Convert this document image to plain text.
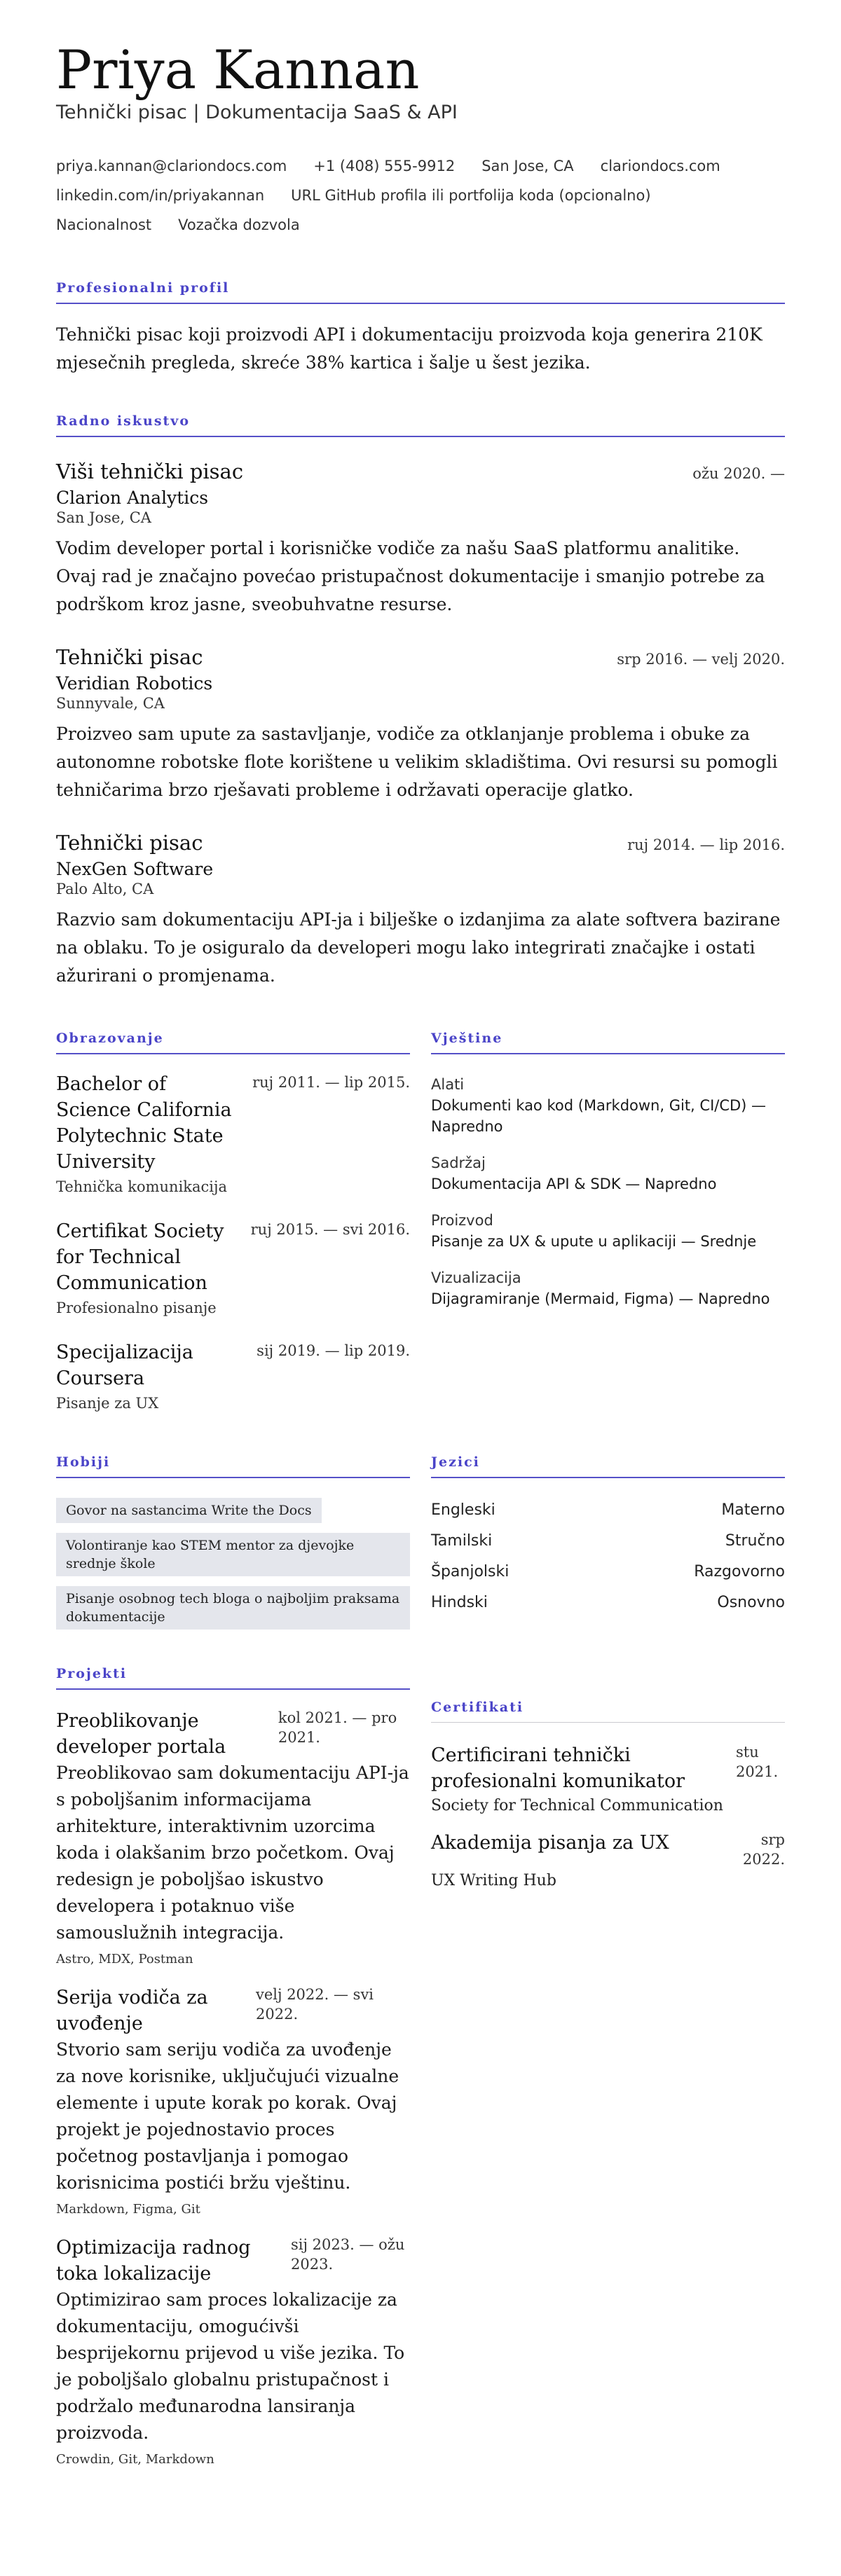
Priya Kannan
Tehnički pisac | Dokumentacija SaaS & API
priya.kannan@clariondocs.com +1 (408) 555-9912 San Jose, CA clariondocs.com
linkedin.com/in/priyakannan URL GitHub profila ili portfolija koda (opcionalno)
Nacionalnost Vozačka dozvola
Profesionalni profil

Tehnički pisac koji proizvodi API i dokumentaciju proizvoda koja generira 210K mjesečnih pregleda, skreće 38% kartica i šalje u šest jezika.

Radno iskustvo
Viši tehnički pisac	ožu 2020. —
Clarion Analytics
San Jose, CA

Vodim developer portal i korisničke vodiče za našu SaaS platformu analitike. Ovaj rad je značajno povećao pristupačnost dokumentacije i smanjio potrebe za podrškom kroz jasne, sveobuhvatne resurse.

Tehnički pisac	srp 2016. — velj 2020.
Veridian Robotics
Sunnyvale, CA

Proizveo sam upute za sastavljanje, vodiče za otklanjanje problema i obuke za autonomne robotske flote korištene u velikim skladištima. Ovi resursi su pomogli tehničarima brzo rješavati probleme i održavati operacije glatko.

Tehnički pisac	ruj 2014. — lip 2016.
NexGen Software
Palo Alto, CA

Razvio sam dokumentaciju API-ja i bilješke o izdanjima za alate softvera bazirane na oblaku. To je osiguralo da developeri mogu lako integrirati značajke i ostati ažurirani o promjenama.

Obrazovanje
Bachelor of Science California Polytechnic State University
Tehnička komunikacija
ruj 2011. — lip 2015.
Certifikat Society for Technical Communication
Profesionalno pisanje
ruj 2015. — svi 2016.
Specijalizacija Coursera
Pisanje za UX
sij 2019. — lip 2019.
Vještine
Alati
Dokumenti kao kod (Markdown, Git, CI/CD) — Napredno
Sadržaj
Dokumentacija API & SDK — Napredno
Proizvod
Pisanje za UX & upute u aplikaciji — Srednje
Vizualizacija
Dijagramiranje (Mermaid, Figma) — Napredno
Hobiji
Govor na sastancima Write the Docs
Volontiranje kao STEM mentor za djevojke srednje škole
Pisanje osobnog tech bloga o najboljim praksama dokumentacije
Jezici
Engleski	Materno
Tamilski	Stručno
Španjolski	Razgovorno
Hindski	Osnovno
Projekti
Preoblikovanje developer portala
kol 2021. — pro 2021.

Preoblikovao sam dokumentaciju API-ja s poboljšanim informacijama arhitekture, interaktivnim uzorcima koda i olakšanim brzo početkom. Ovaj redesign je poboljšao iskustvo developera i potaknuo više samouslužnih integracija.

Astro, MDX, Postman
Serija vodiča za uvođenje
velj 2022. — svi 2022.

Stvorio sam seriju vodiča za uvođenje za nove korisnike, uključujući vizualne elemente i upute korak po korak. Ovaj projekt je pojednostavio proces početnog postavljanja i pomogao korisnicima postići bržu vještinu.

Markdown, Figma, Git
Optimizacija radnog toka lokalizacije
sij 2023. — ožu 2023.

Optimizirao sam proces lokalizacije za dokumentaciju, omogućivši besprijekornu prijevod u više jezika. To je poboljšalo globalnu pristupačnost i podržalo međunarodna lansiranja proizvoda.

Crowdin, Git, Markdown
Certifikati
Certificirani tehnički profesionalni komunikator
stu 2021.
Society for Technical Communication
Akademija pisanja za UX	srp 2022.
UX Writing Hub
